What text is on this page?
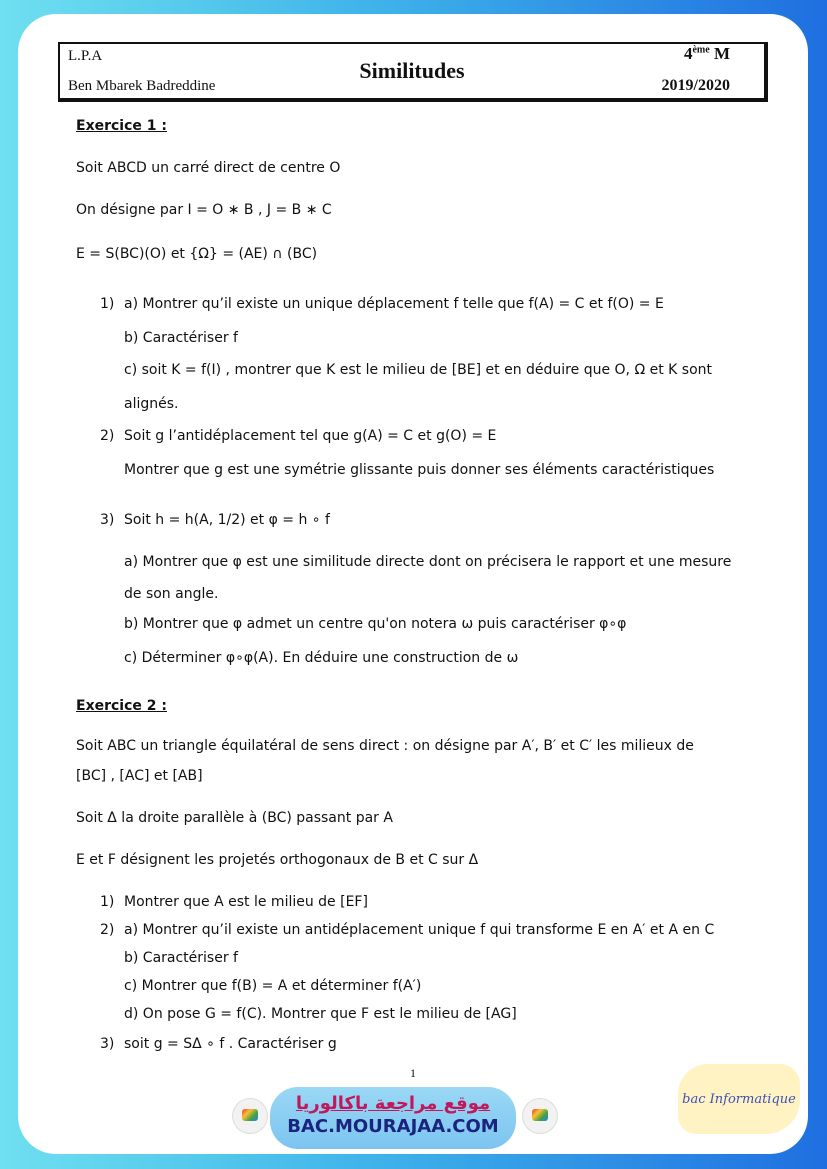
L.P.A
Ben Mbarek Badreddine
Similitudes
4ème M
2019/2020
Exercice 1 :
Soit ABCD un carré direct de centre O
On désigne par I = O ∗ B , J = B ∗ C
E = S(BC)(O) et {Ω} = (AE) ∩ (BC)
1) a) Montrer qu’il existe un unique déplacement f telle que f(A) = C et f(O) = E
b) Caractériser f
c) soit K = f(I) , montrer que K est le milieu de [BE] et en déduire que O, Ω et K sont
alignés.
2) Soit g l’antidéplacement tel que g(A) = C et g(O) = E
Montrer que g est une symétrie glissante puis donner ses éléments caractéristiques
3) Soit h = h(A, 1/2) et φ = h ∘ f
a) Montrer que φ est une similitude directe dont on précisera le rapport et une mesure
de son angle.
b) Montrer que φ admet un centre qu'on notera ω puis caractériser φ∘φ
c) Déterminer φ∘φ(A). En déduire une construction de ω
Exercice 2 :
Soit ABC un triangle équilatéral de sens direct : on désigne par A′, B′ et C′ les milieux de
[BC] , [AC] et [AB]
Soit Δ la droite parallèle à (BC) passant par A
E et F désignent les projetés orthogonaux de B et C sur Δ
1) Montrer que A est le milieu de [EF]
2) a) Montrer qu’il existe un antidéplacement unique f qui transforme E en A′ et A en C
b) Caractériser f
c) Montrer que f(B) = A et déterminer f(A′)
d) On pose G = f(C). Montrer que F est le milieu de [AG]
3) soit g = SΔ ∘ f . Caractériser g
1
موقع مراجعة باكالوريا
BAC.MOURAJAA.COM
bac Informatique
